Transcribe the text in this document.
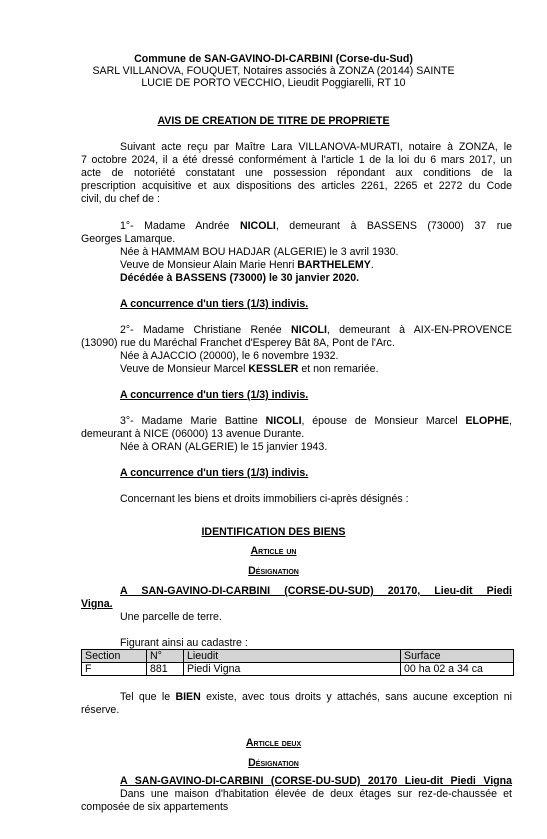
Commune de SAN-GAVINO-DI-CARBINI (Corse-du-Sud)
SARL VILLANOVA, FOUQUET, Notaires associés à ZONZA (20144) SAINTE
LUCIE DE PORTO VECCHIO, Lieudit Poggiarelli, RT 10
AVIS DE CREATION DE TITRE DE PROPRIETE
Suivant acte reçu par Maître Lara VILLANOVA-MURATI, notaire à ZONZA, le
7 octobre 2024, il a été dressé conformément à l'article 1 de la loi du 6 mars 2017, un
acte de notoriété constatant une possession répondant aux conditions de la
prescription acquisitive et aux dispositions des articles 2261, 2265 et 2272 du Code
civil, du chef de :
1°- Madame Andrée NICOLI, demeurant à BASSENS (73000) 37 rue
Georges Lamarque.
Née à HAMMAM BOU HADJAR (ALGERIE) le 3 avril 1930.
Veuve de Monsieur Alain Marie Henri BARTHELEMY.
Décédée à BASSENS (73000) le 30 janvier 2020.
A concurrence d'un tiers (1/3) indivis.
2°- Madame Christiane Renée NICOLI, demeurant à AIX-EN-PROVENCE
(13090) rue du Maréchal Franchet d'Esperey Bât 8A, Pont de l'Arc.
Née à AJACCIO (20000), le 6 novembre 1932.
Veuve de Monsieur Marcel KESSLER et non remariée.
A concurrence d'un tiers (1/3) indivis.
3°- Madame Marie Battine NICOLI, épouse de Monsieur Marcel ELOPHE,
demeurant à NICE (06000) 13 avenue Durante.
Née à ORAN (ALGERIE) le 15 janvier 1943.
A concurrence d'un tiers (1/3) indivis.
Concernant les biens et droits immobiliers ci-après désignés :
IDENTIFICATION DES BIENS
Article un
Désignation
A SAN-GAVINO-DI-CARBINI (CORSE-DU-SUD) 20170, Lieu-dit Piedi
Vigna.
Une parcelle de terre.
Figurant ainsi au cadastre :
Section	N°	Lieudit	Surface
F	881	Piedi Vigna	00 ha 02 a 34 ca
Tel que le BIEN existe, avec tous droits y attachés, sans aucune exception ni
réserve.
Article deux
Désignation
A SAN-GAVINO-DI-CARBINI (CORSE-DU-SUD) 20170 Lieu-dit Piedi Vigna
Dans une maison d'habitation élevée de deux étages sur rez-de-chaussée et
composée de six appartements
